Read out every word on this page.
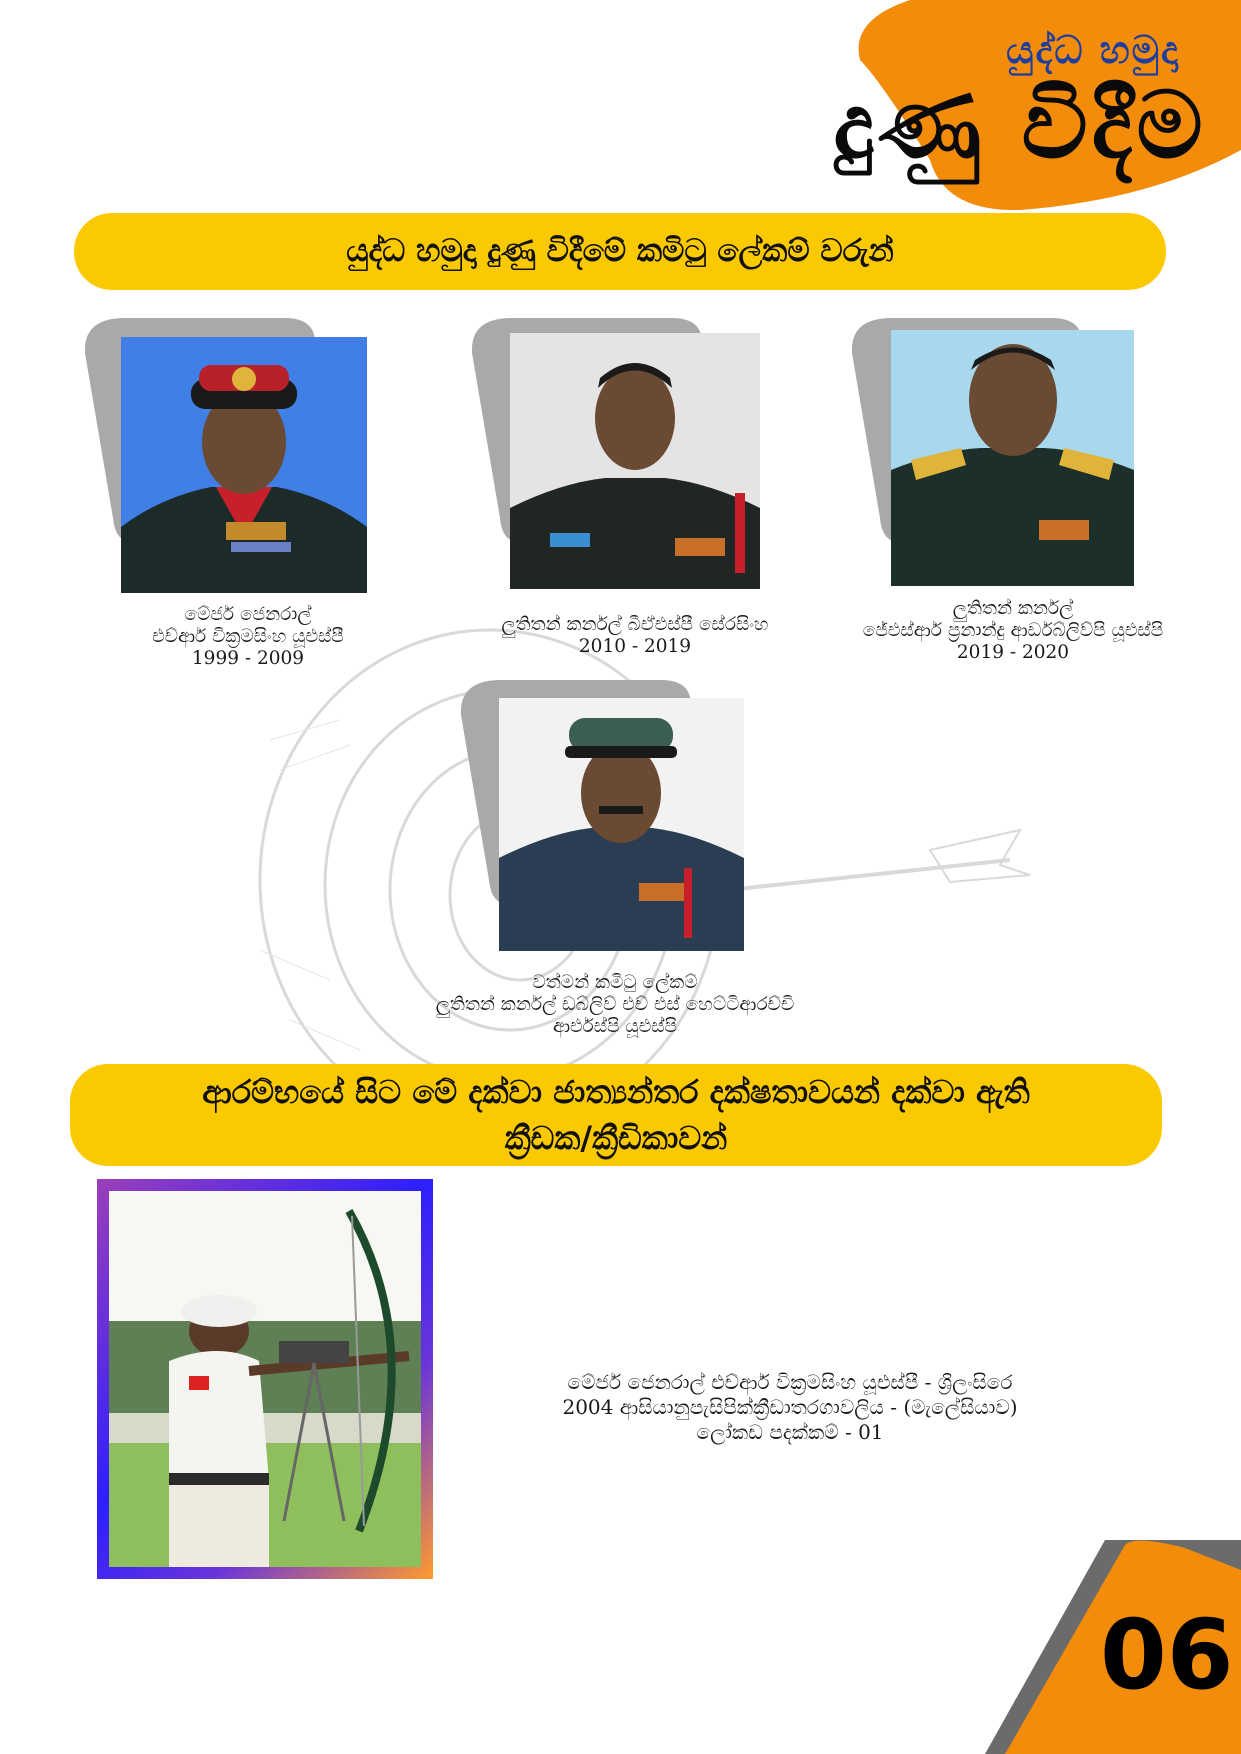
යුද්ධ හමුදා
දුණු විදීම
යුද්ධ හමුදා දුණු විදීමේ කමිටු ලේකම් වරුන්
මේජර් ජෙනරාල්
එච්ආර් වික්‍රමසිංහ යූඑස්පී
1999 - 2009
ලුතිතන් කර්නල් බීඒඑස්පී සේරසිංහ
2010 - 2019
ලුතිතන් කර්නල්
ජේඑස්ආර් ප්‍රනාන්දු ආර්ඩබ්ලිව්පි යූඑස්පි
2019 - 2020
වත්මන් කමිටු ලේකම්
ලුතිතන් කර්නල් ඩබ්ලිව් එච් එස් හෙට්ටිආරච්චි
ආර්එස්පි යූඑස්පි
ආරම්භයේ සිට මේ දක්වා ජාත්‍යන්තර දක්ෂතාවයන් දක්වා ඇති ක්‍රීඩක/ක්‍රීඩිකාවන්
මේජර් ජෙනරාල් එච්ආර් වික්‍රමසිංහ යූඑස්පී - ශ්‍රිලංසිරෙ
2004 ආසියානුපැසිපික්ක්‍රීඩාතරගාවලිය - (මැලේසියාව)
ලෝකඩ පදක්කම් - 01
06
